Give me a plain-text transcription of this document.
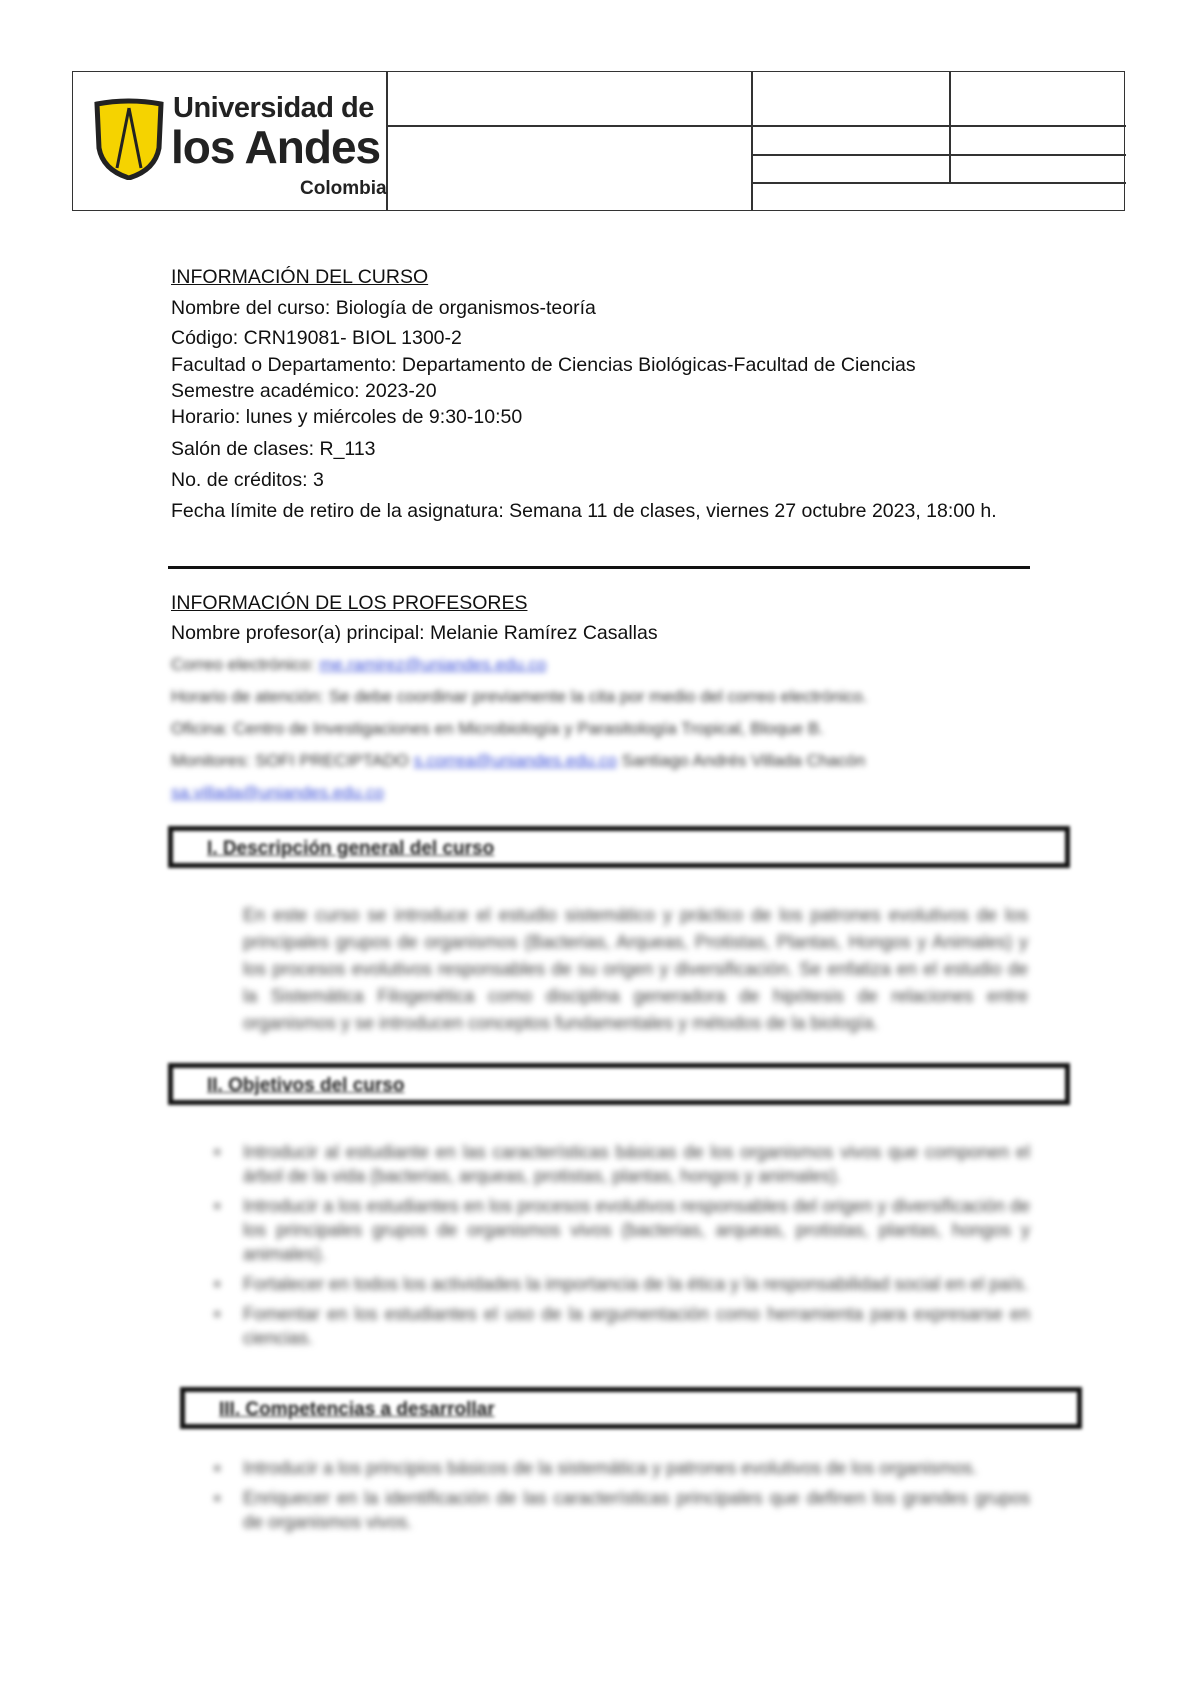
Universidad de
los Andes
Colombia
INFORMACIÓN DEL CURSO
Nombre del curso: Biología de organismos-teoría
Código: CRN19081- BIOL 1300-2
Facultad o Departamento: Departamento de Ciencias Biológicas-Facultad de Ciencias
Semestre académico: 2023-20
Horario: lunes y miércoles de 9:30-10:50
Salón de clases: R_113
No. de créditos: 3
Fecha límite de retiro de la asignatura: Semana 11 de clases, viernes 27 octubre 2023, 18:00 h.
INFORMACIÓN DE LOS PROFESORES
Nombre profesor(a) principal: Melanie Ramírez Casallas
Correo electrónico: me.ramirez@uniandes.edu.co
Horario de atención: Se debe coordinar previamente la cita por medio del correo electrónico.
Oficina: Centro de Investigaciones en Microbiología y Parasitología Tropical, Bloque B.
Monitores: SOFI PRECIPTADO s.correa@uniandes.edu.co Santiago Andrés Villada Chacón
sa.villada@uniandes.edu.co
I. Descripción general del curso
En este curso se introduce el estudio sistemático y práctico de los patrones evolutivos de los principales grupos de organismos (Bacterias, Arqueas, Protistas, Plantas, Hongos y Animales) y los procesos evolutivos responsables de su origen y diversificación. Se enfatiza en el estudio de la Sistemática Filogenética como disciplina generadora de hipótesis de relaciones entre organismos y se introducen conceptos fundamentales y métodos de la biología.
II. Objetivos del curso
• Introducir al estudiante en las características básicas de los organismos vivos que componen el árbol de la vida (bacterias, arqueas, protistas, plantas, hongos y animales).
• Introducir a los estudiantes en los procesos evolutivos responsables del origen y diversificación de los principales grupos de organismos vivos (bacterias, arqueas, protistas, plantas, hongos y animales).
• Fortalecer en todos los actividades la importancia de la ética y la responsabilidad social en el país.
• Fomentar en los estudiantes el uso de la argumentación como herramienta para expresarse en ciencias.
III. Competencias a desarrollar
▪ Introducir a los principios básicos de la sistemática y patrones evolutivos de los organismos.
▪ Enriquecer en la identificación de las características principales que definen los grandes grupos de organismos vivos.
